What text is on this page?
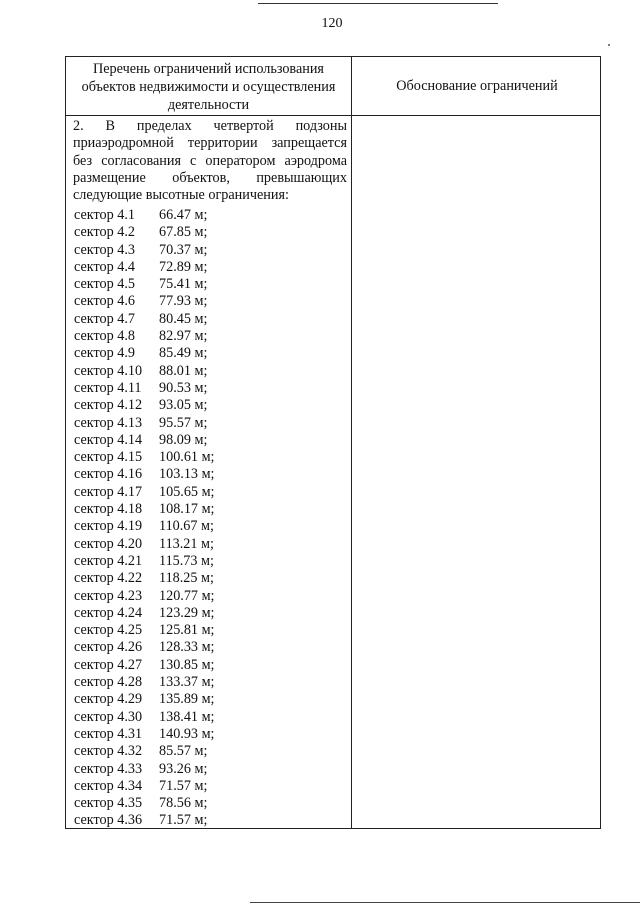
120
Перечень ограничений использования объектов недвижимости и осуществления деятельности
Обоснование ограничений
2. В пределах четвертой подзоны
приаэродромной территории запрещается
без согласования с оператором аэродрома
размещение объектов, превышающих
следующие высотные ограничения:
сектор 4.1	66.47 м;
сектор 4.2	67.85 м;
сектор 4.3	70.37 м;
сектор 4.4	72.89 м;
сектор 4.5	75.41 м;
сектор 4.6	77.93 м;
сектор 4.7	80.45 м;
сектор 4.8	82.97 м;
сектор 4.9	85.49 м;
сектор 4.10	88.01 м;
сектор 4.11	90.53 м;
сектор 4.12	93.05 м;
сектор 4.13	95.57 м;
сектор 4.14	98.09 м;
сектор 4.15	100.61 м;
сектор 4.16	103.13 м;
сектор 4.17	105.65 м;
сектор 4.18	108.17 м;
сектор 4.19	110.67 м;
сектор 4.20	113.21 м;
сектор 4.21	115.73 м;
сектор 4.22	118.25 м;
сектор 4.23	120.77 м;
сектор 4.24	123.29 м;
сектор 4.25	125.81 м;
сектор 4.26	128.33 м;
сектор 4.27	130.85 м;
сектор 4.28	133.37 м;
сектор 4.29	135.89 м;
сектор 4.30	138.41 м;
сектор 4.31	140.93 м;
сектор 4.32	85.57 м;
сектор 4.33	93.26 м;
сектор 4.34	71.57 м;
сектор 4.35	78.56 м;
сектор 4.36	71.57 м;
